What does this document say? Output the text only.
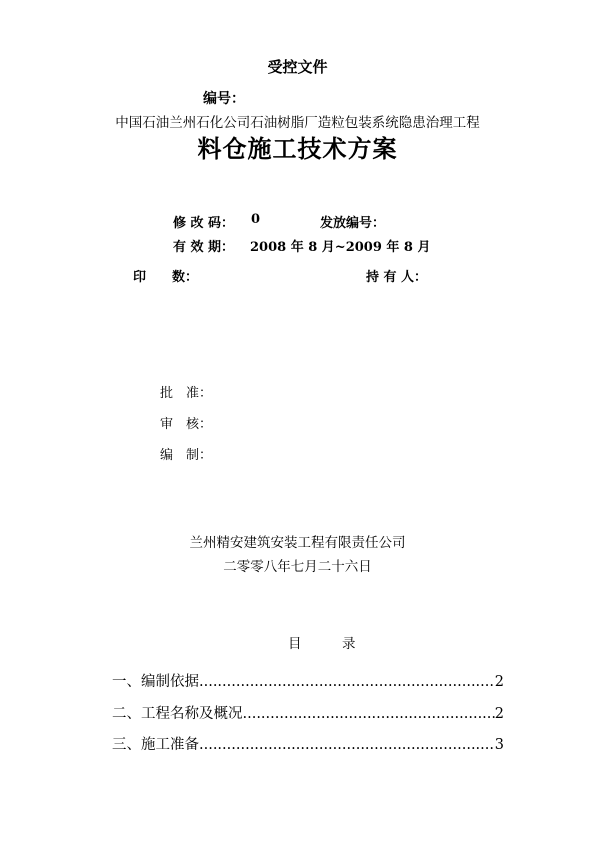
受控文件
编号：
中国石油兰州石化公司石油树脂厂造粒包装系统隐患治理工程
料仓施工技术方案
修 改 码： 0	发放编号：
有 效 期： 2008 年 8 月~2009 年 8 月
印　　数：	持 有 人：
批　准：
审　核：
编　制：
兰州精安建筑安装工程有限责任公司
二零零八年七月二十六日
目　　　录
一、编制依据 .....	2
二、工程名称及概况 .....	2
三、施工准备 .....	3
